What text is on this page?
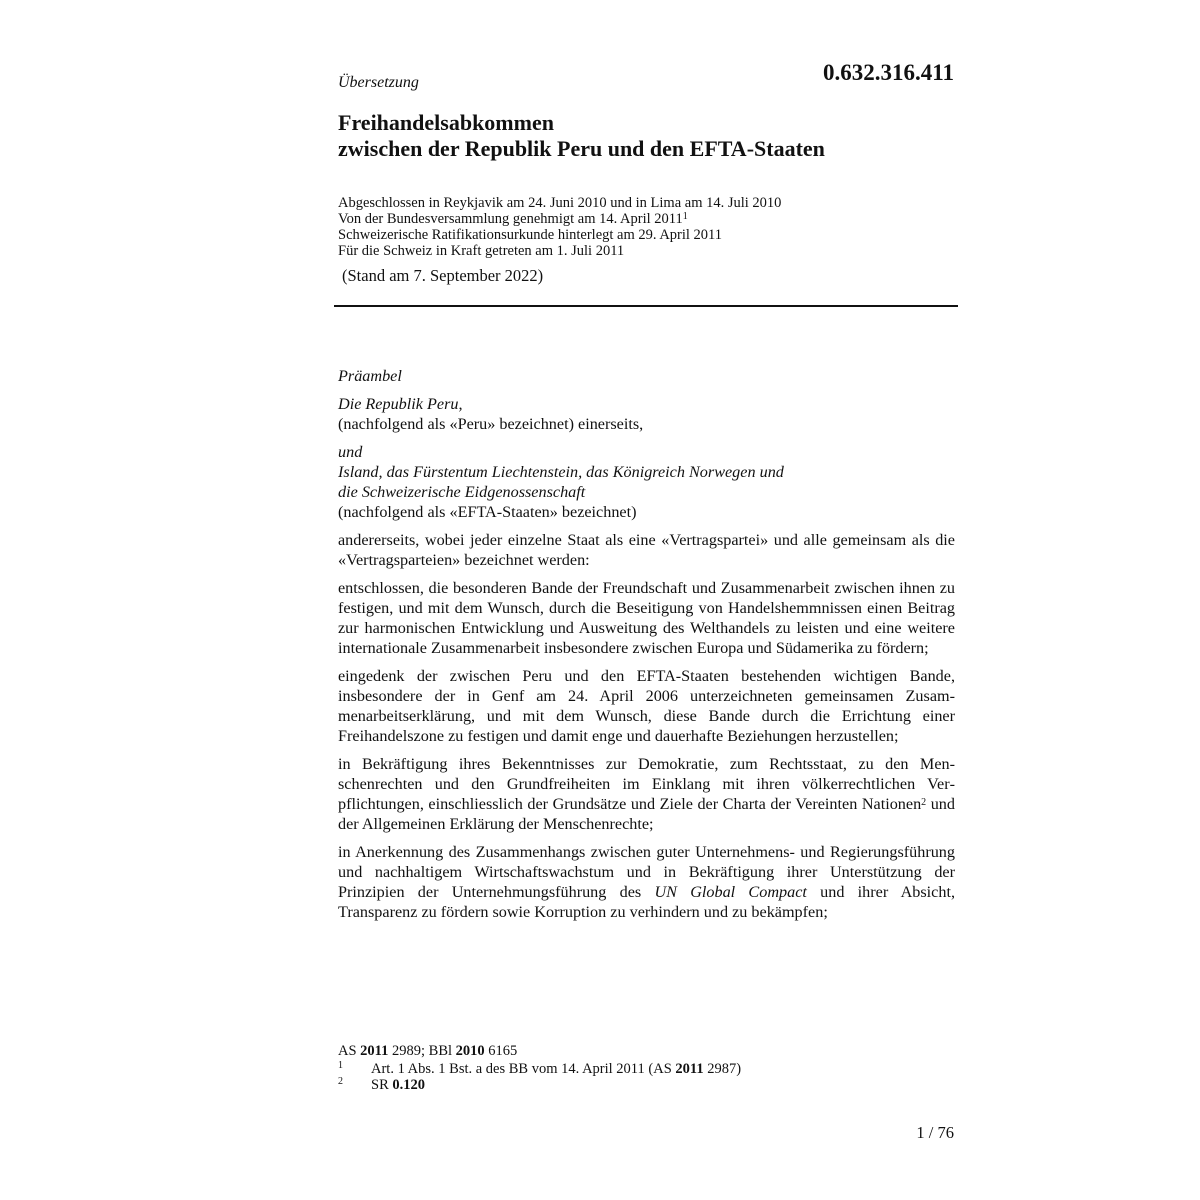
Übersetzung	0.632.316.411
Freihandelsabkommen
zwischen der Republik Peru und den EFTA-Staaten
Abgeschlossen in Reykjavik am 24. Juni 2010 und in Lima am 14. Juli 2010
Von der Bundesversammlung genehmigt am 14. April 2011$^1$
Schweizerische Ratifikationsurkunde hinterlegt am 29. April 2011
Für die Schweiz in Kraft getreten am 1. Juli 2011
(Stand am 7. September 2022)

Präambel

Die Republik Peru,
(nachfolgend als «Peru» bezeichnet) einerseits,

und
Island, das Fürstentum Liechtenstein, das Königreich Norwegen und
die Schweizerische Eidgenossenschaft
(nachfolgend als «EFTA-Staaten» bezeichnet)

andererseits, wobei jeder einzelne Staat als eine «Vertragspartei» und alle gemeinsam als die «Vertragsparteien» bezeichnet werden:

entschlossen, die besonderen Bande der Freundschaft und Zusammenarbeit zwischen ihnen zu festigen, und mit dem Wunsch, durch die Beseitigung von Handelshemmnissen einen Beitrag zur harmonischen Entwicklung und Ausweitung des Welthandels zu leisten und eine weitere internationale Zusammenarbeit insbesondere zwischen Europa und Südamerika zu fördern;

eingedenk der zwischen Peru und den EFTA-Staaten bestehenden wichtigen Bande, insbesondere der in Genf am 24. April 2006 unterzeichneten gemeinsamen Zusammenarbeitserklärung, und mit dem Wunsch, diese Bande durch die Errichtung einer Freihandelszone zu festigen und damit enge und dauerhafte Beziehungen herzustellen;

in Bekräftigung ihres Bekenntnisses zur Demokratie, zum Rechtsstaat, zu den Menschenrechten und den Grundfreiheiten im Einklang mit ihren völkerrechtlichen Verpflichtungen, einschliesslich der Grundsätze und Ziele der Charta der Vereinten Nationen$^2$ und der Allgemeinen Erklärung der Menschenrechte;

in Anerkennung des Zusammenhangs zwischen guter Unternehmens- und Regierungsführung und nachhaltigem Wirtschaftswachstum und in Bekräftigung ihrer Unterstützung der Prinzipien der Unternehmungsführung des UN Global Compact und ihrer Absicht, Transparenz zu fördern sowie Korruption zu verhindern und zu bekämpfen;

AS 2011 2989; BBl 2010 6165
1 Art. 1 Abs. 1 Bst. a des BB vom 14. April 2011 (AS 2011 2987)
2 SR 0.120
1 / 76
